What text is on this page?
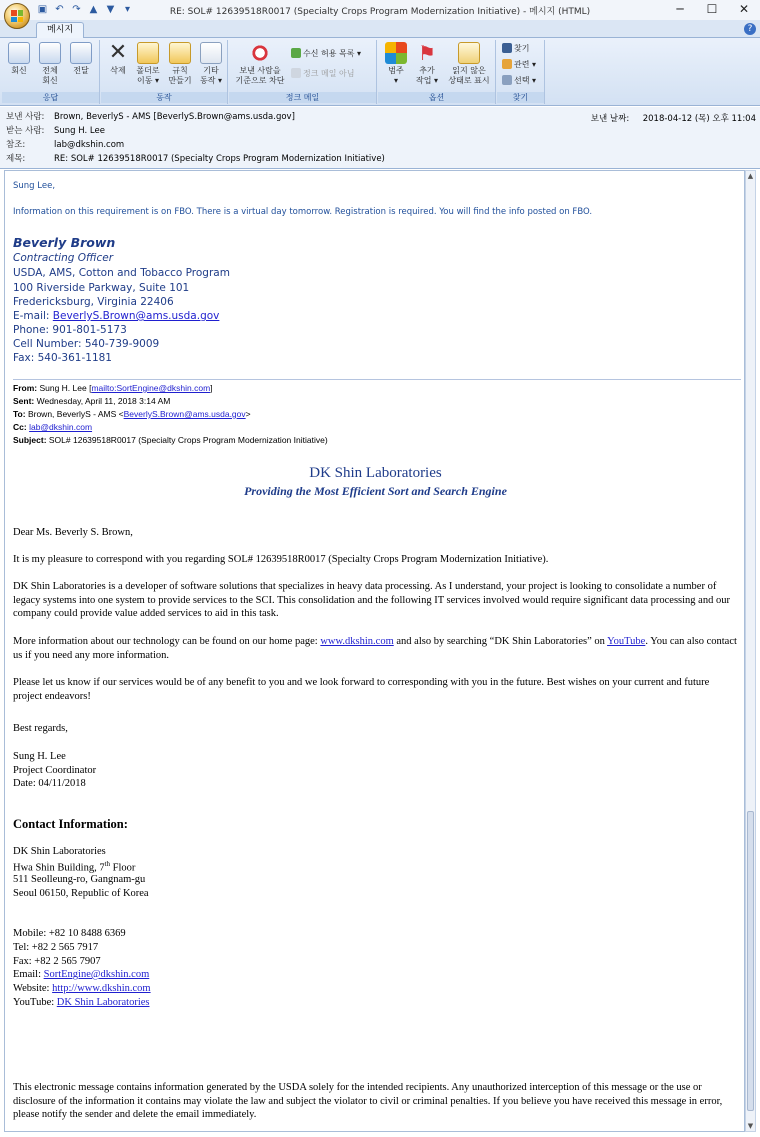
▣ ↶ ↷ ▲ ▼	▾	RE: SOL# 12639518R0017 (Specialty Crops Program Modernization Initiative) - 메시지 (HTML)	─	☐	✕
메시지	?
회신	전체
회신
전달
응답
✕
삭제	폴더로
이동 ▾
규칙
만들기
기타
동작 ▾
동작
보낸 사람을
기준으로 차단
수신 허용 목록 ▾
정크 메일 아님
정크 메일
범주
▾
⚑
추가
작업 ▾
읽지 않은
상태로 표시
옵션
찾기
관련 ▾
선택 ▾
찾기
보낸 사람: Brown, BeverlyS - AMS [BeverlyS.Brown@ams.usda.gov]
받는 사람: Sung H. Lee
참조:	lab@dkshin.com
제목:	RE: SOL# 12639518R0017 (Specialty Crops Program Modernization Initiative)
보낸 날짜: 2018-04-12 (목) 오후 11:04
Sung Lee,
Information on this requirement is on FBO. There is a virtual day tomorrow. Registration is required. You will find the info posted on FBO.
Beverly Brown
Contracting Officer
USDA, AMS, Cotton and Tobacco Program
100 Riverside Parkway, Suite 101
Fredericksburg, Virginia 22406
E-mail: BeverlyS.Brown@ams.usda.gov
Phone: 901-801-5173
Cell Number: 540-739-9009
Fax: 540-361-1181
From: Sung H. Lee [mailto:SortEngine@dkshin.com]
Sent: Wednesday, April 11, 2018 3:14 AM
To: Brown, BeverlyS - AMS <BeverlyS.Brown@ams.usda.gov>
Cc: lab@dkshin.com
Subject: SOL# 12639518R0017 (Specialty Crops Program Modernization Initiative)
DK Shin Laboratories
Providing the Most Efficient Sort and Search Engine
Dear Ms. Beverly S. Brown,
It is my pleasure to correspond with you regarding SOL# 12639518R0017 (Specialty Crops Program Modernization Initiative).
DK Shin Laboratories is a developer of software solutions that specializes in heavy data processing. As I understand, your project is looking to consolidate a number of legacy systems into one system to provide services to the SCI. This consolidation and the following IT services involved would require significant data processing and our company could provide value added services to aid in this task.
More information about our technology can be found on our home page: www.dkshin.com and also by searching “DK Shin Laboratories” on YouTube. You can also contact us if you need any more information.
Please let us know if our services would be of any benefit to you and we look forward to corresponding with you in the future. Best wishes on your current and future project endeavors!
Best regards,
Sung H. Lee
Project Coordinator
Date: 04/11/2018
Contact Information:
DK Shin Laboratories
Hwa Shin Building, 7th Floor
511 Seolleung-ro, Gangnam-gu
Seoul 06150, Republic of Korea
Mobile: +82 10 8488 6369
Tel: +82 2 565 7917
Fax: +82 2 565 7907
Email: SortEngine@dkshin.com
Website: http://www.dkshin.com
YouTube: DK Shin Laboratories
This electronic message contains information generated by the USDA solely for the intended recipients. Any unauthorized interception of this message or the use or disclosure of the information it contains may violate the law and subject the violator to civil or criminal penalties. If you believe you have received this message in error, please notify the sender and delete the email immediately.
▲
▼
